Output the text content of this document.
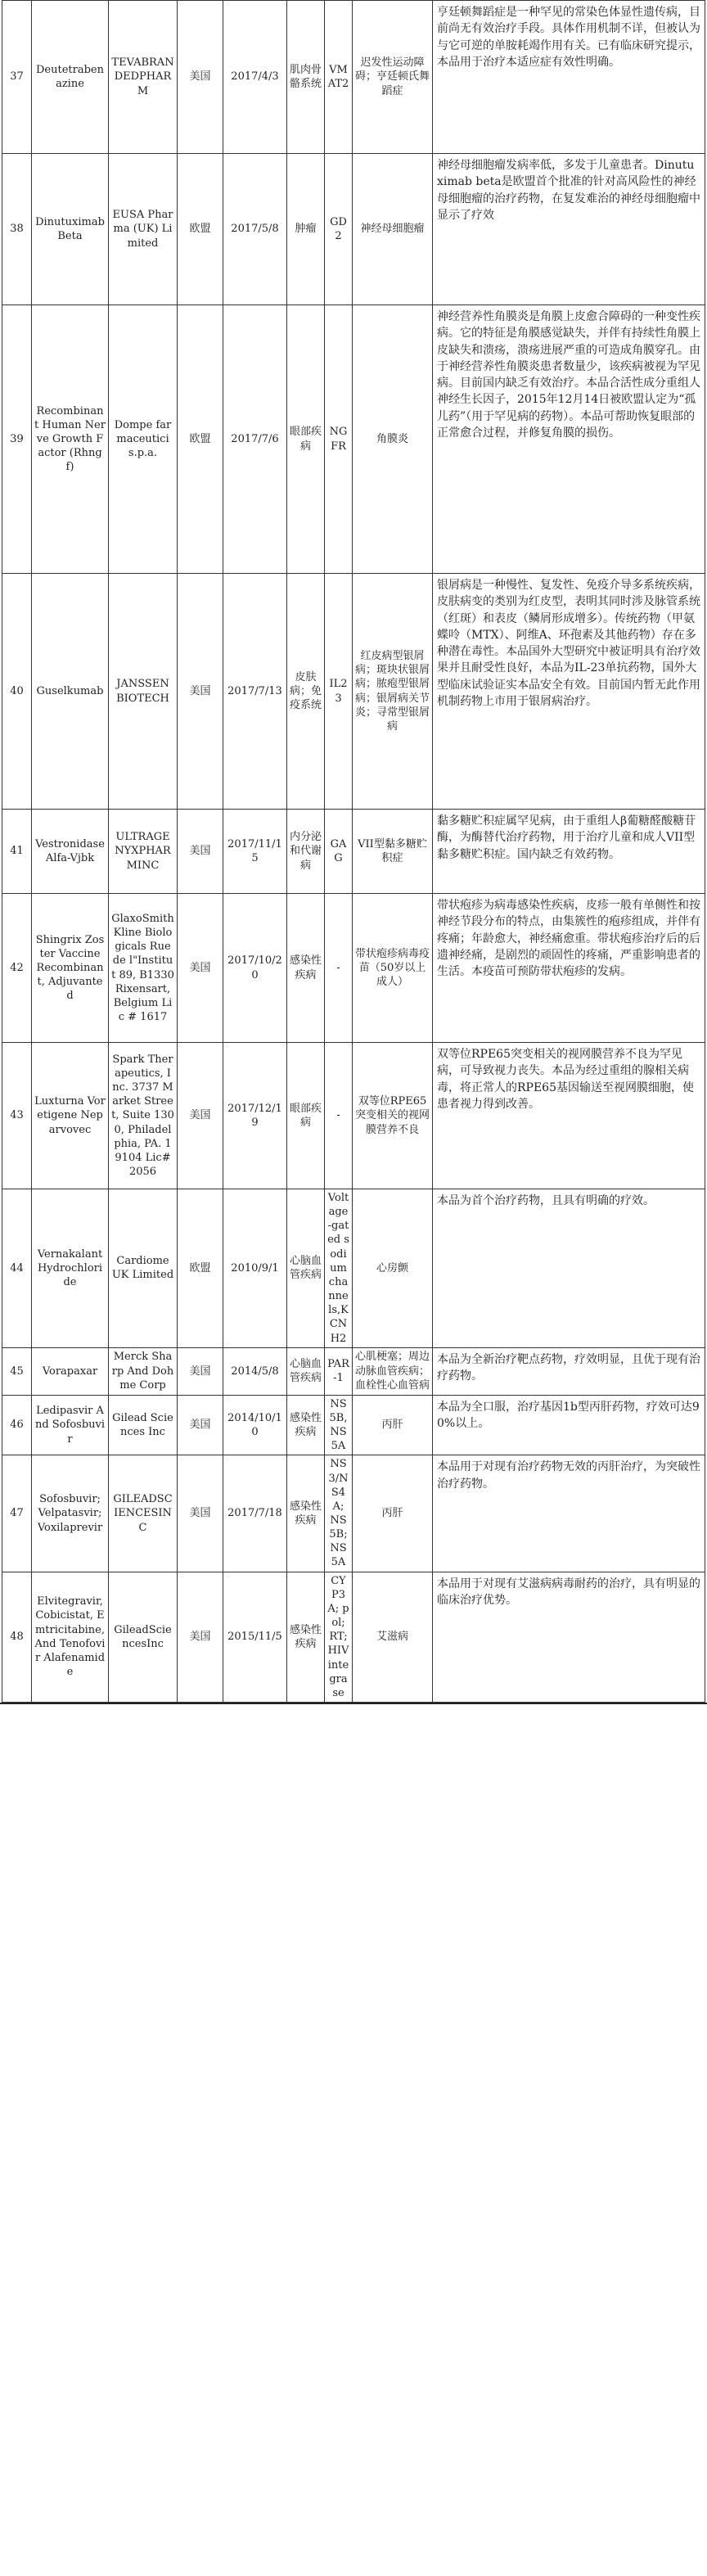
37	Deutetrabenazine	TEVABRANDEDPHARM	美国	2017/4/3	肌肉骨骼系统	VMAT2	迟发性运动障碍；亨廷顿氏舞蹈症	亨廷顿舞蹈症是一种罕见的常染色体显性遗传病，目前尚无有效治疗手段。具体作用机制不详，但被认为与它可逆的单胺耗竭作用有关。已有临床研究提示，本品用于治疗本适应症有效性明确。
38	Dinutuximab Beta	EUSA Pharma (UK) Limited	欧盟	2017/5/8	肿瘤	GD2	神经母细胞瘤	神经母细胞瘤发病率低，多发于儿童患者。Dinutuximab beta是欧盟首个批准的针对高风险性的神经母细胞瘤的治疗药物，在复发难治的神经母细胞瘤中显示了疗效
39	Recombinant Human Nerve Growth Factor (Rhngf)	Dompe farmaceutici s.p.a.	欧盟	2017/7/6	眼部疾病	NGFR	角膜炎	神经营养性角膜炎是角膜上皮愈合障碍的一种变性疾病。它的特征是角膜感觉缺失，并伴有持续性角膜上皮缺失和溃疡，溃疡进展严重的可造成角膜穿孔。由于神经营养性角膜炎患者数量少，该疾病被视为罕见病。目前国内缺乏有效治疗。本品合活性成分重组人神经生长因子，2015年12月14日被欧盟认定为“孤儿药”（用于罕见病的药物）。本品可帮助恢复眼部的正常愈合过程，并修复角膜的损伤。
40	Guselkumab	JANSSEN BIOTECH	美国	2017/7/13	皮肤病；免疫系统	IL23	红皮病型银屑病；斑块状银屑病；脓疱型银屑病；银屑病关节炎；寻常型银屑病	银屑病是一种慢性、复发性、免疫介导多系统疾病，皮肤病变的类别为红皮型，表明其同时涉及脉管系统（红斑）和表皮（鳞屑形成增多）。传统药物（甲氨蝶呤（MTX）、阿维A、环孢素及其他药物）存在多种潜在毒性。本品国外大型研究中被证明具有治疗效果并且耐受性良好，本品为IL-23单抗药物，国外大型临床试验证实本品安全有效。目前国内暂无此作用机制药物上市用于银屑病治疗。
41	Vestronidase Alfa-Vjbk	ULTRAGENYXPHARMINC	美国	2017/11/15	内分泌和代谢病	GAG	VII型黏多糖贮积症	黏多糖贮积症属罕见病，由于重组人β葡糖醛酸糖苷酶，为酶替代治疗药物，用于治疗儿童和成人VII型黏多糖贮积症。国内缺乏有效药物。
42	Shingrix Zoster Vaccine Recombinant, Adjuvanted	GlaxoSmithKline Biologicals Rue de l"Institut 89, B1330 Rixensart, Belgium Lic # 1617	美国	2017/10/20	感染性疾病	-	带状疱疹病毒疫苗（50岁以上成人）	带状疱疹为病毒感染性疾病，皮疹一般有单侧性和按神经节段分布的特点，由集簇性的疱疹组成，并伴有疼痛；年龄愈大，神经痛愈重。带状疱疹治疗后的后遗神经痛，是剧烈的顽固性的疼痛，严重影响患者的生活。本疫苗可预防带状疱疹的发病。
43	Luxturna Voretigene Neparvovec	Spark Therapeutics, Inc. 3737 Market Street, Suite 1300, Philadelphia, PA. 19104 Lic# 2056	美国	2017/12/19	眼部疾病	-	双等位RPE65突变相关的视网膜营养不良	双等位RPE65突变相关的视网膜营养不良为罕见病，可导致视力丧失。本品为经过重组的腺相关病毒，将正常人的RPE65基因输送至视网膜细胞，使患者视力得到改善。
44	Vernakalant Hydrochloride	Cardiome UK Limited	欧盟	2010/9/1	心脑血管疾病	Voltage-gated sodium channels,KCNH2	心房颤	本品为首个治疗药物，且具有明确的疗效。
45	Vorapaxar	Merck Sharp And Dohme Corp	美国	2014/5/8	心脑血管疾病	PAR-1	心肌梗塞；周边动脉血管疾病；血栓性心血管病	本品为全新治疗靶点药物，疗效明显，且优于现有治疗药物。
46	Ledipasvir And Sofosbuvir	Gilead Sciences Inc	美国	2014/10/10	感染性疾病	NS5B, NS5A	丙肝	本品为全口服，治疗基因1b型丙肝药物，疗效可达90%以上。
47	Sofosbuvir; Velpatasvir; Voxilaprevir	GILEADSCIENCESINC	美国	2017/7/18	感染性疾病	NS3/NS4A; NS5B; NS5A	丙肝	本品用于对现有治疗药物无效的丙肝治疗，为突破性治疗药物。
48	Elvitegravir, Cobicistat, Emtricitabine, And Tenofovir Alafenamide	GileadSciencesInc	美国	2015/11/5	感染性疾病	CYP3A; pol; RT; HIV integrase	艾滋病	本品用于对现有艾滋病病毒耐药的治疗，具有明显的临床治疗优势。
